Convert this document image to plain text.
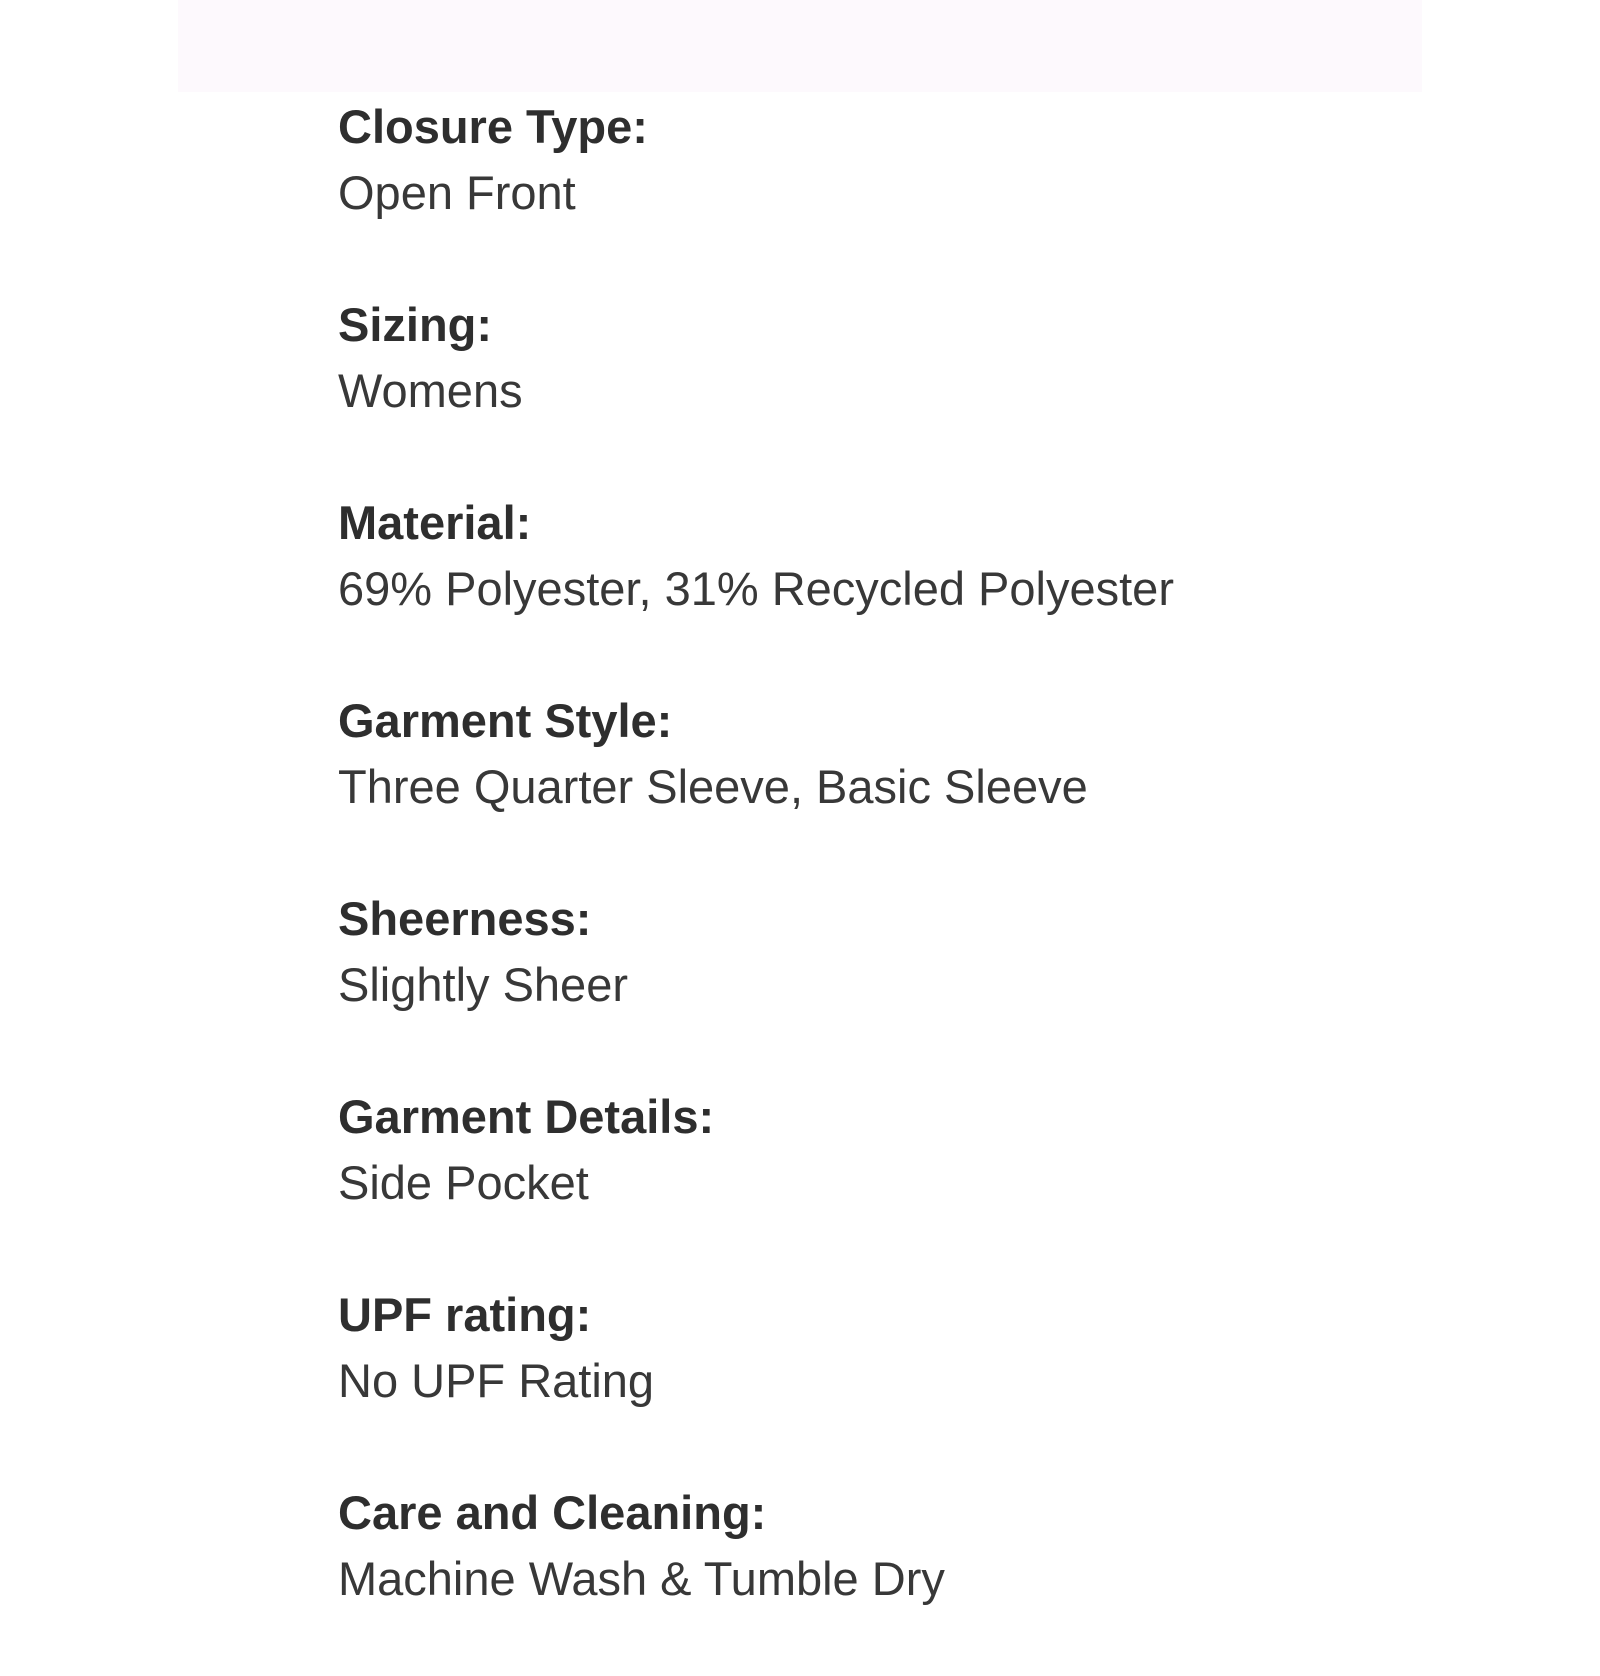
Closure Type:
Open Front
Sizing:
Womens
Material:
69% Polyester, 31% Recycled Polyester
Garment Style:
Three Quarter Sleeve, Basic Sleeve
Sheerness:
Slightly Sheer
Garment Details:
Side Pocket
UPF rating:
No UPF Rating
Care and Cleaning:
Machine Wash & Tumble Dry
